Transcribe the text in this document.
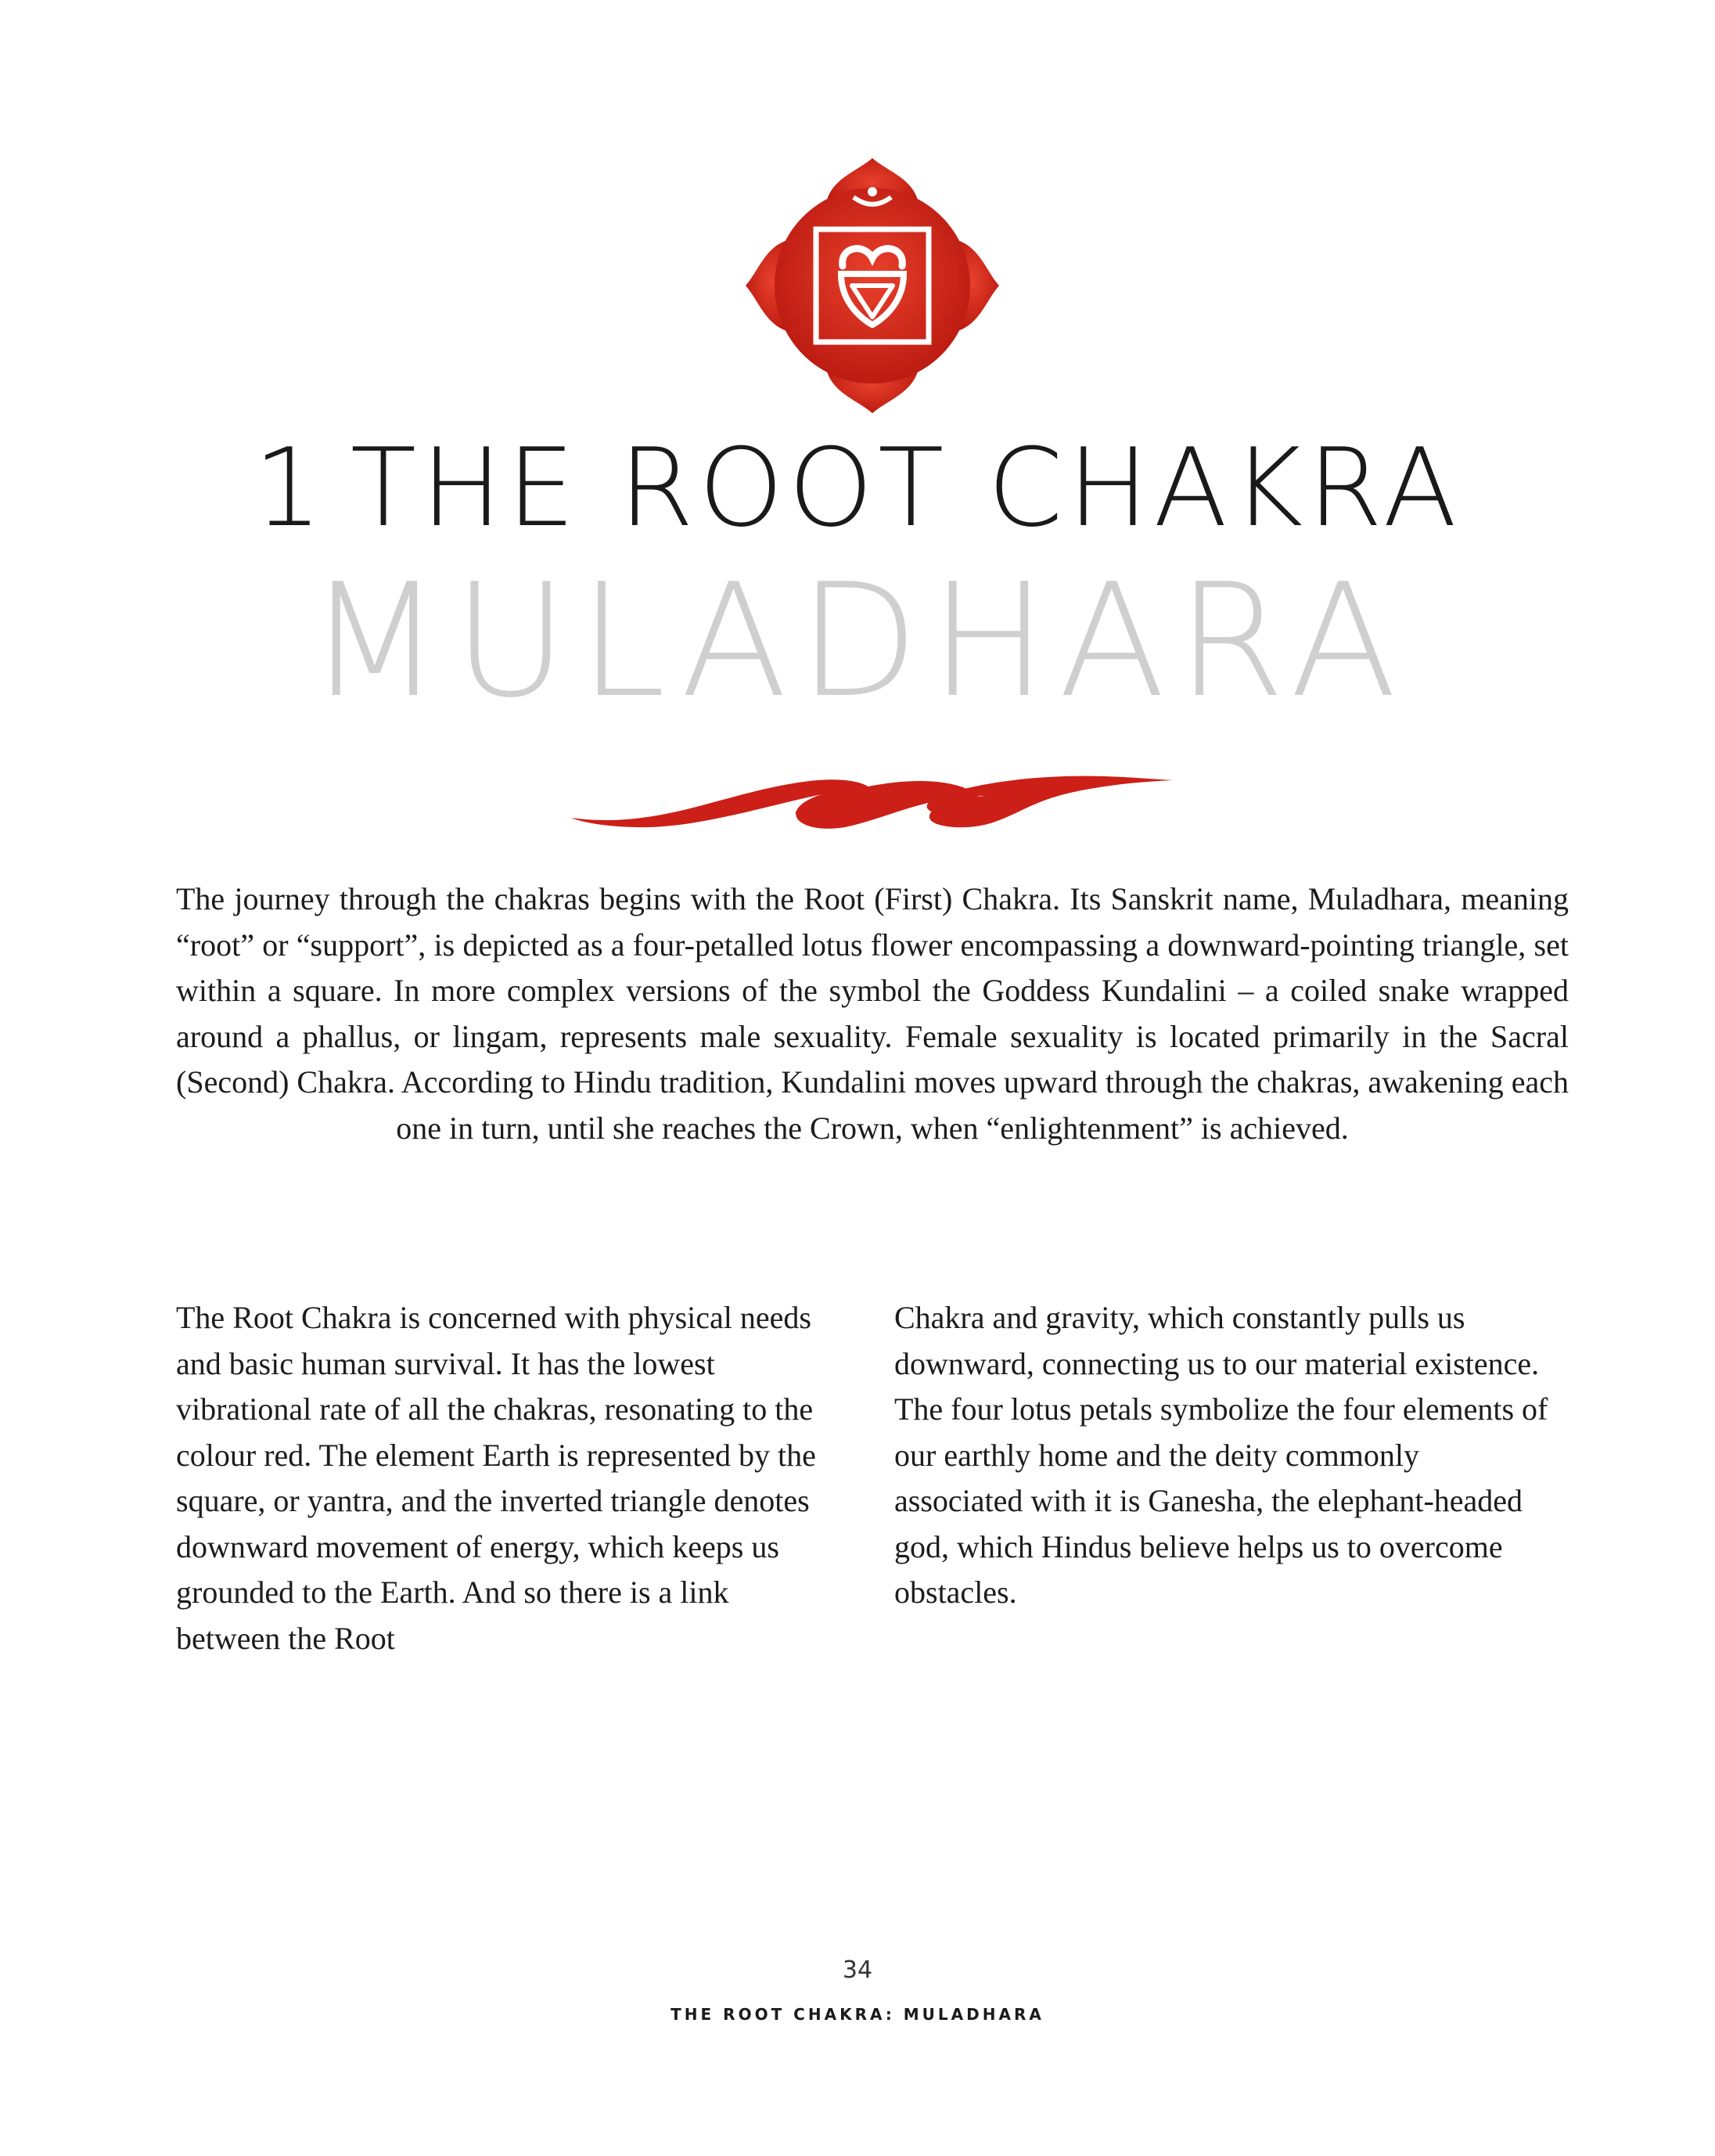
1 THE ROOT CHAKRA
MULADHARA

The journey through the chakras begins with the Root (First) Chakra. Its Sanskrit name, Muladhara, meaning “root” or “support”, is depicted as a four-petalled lotus flower encompassing a downward-pointing triangle, set within a square. In more complex versions of the symbol the Goddess Kundalini – a coiled snake wrapped around a phallus, or lingam, represents male sexuality. Female sexuality is located primarily in the Sacral (Second) Chakra. According to Hindu tradition, Kundalini moves upward through the chakras, awakening each one in turn, until she reaches the Crown, when “enlightenment” is achieved.

The Root Chakra is concerned with physical needs and basic human survival. It has the lowest vibrational rate of all the chakras, resonating to the colour red. The element Earth is represented by the square, or yantra, and the inverted triangle denotes downward movement of energy, which keeps us grounded to the Earth. And so there is a link between the Root

Chakra and gravity, which constantly pulls us downward, connecting us to our material existence. The four lotus petals symbolize the four elements of our earthly home and the deity commonly associated with it is Ganesha, the elephant-headed god, which Hindus believe helps us to overcome obstacles.

34
THE ROOT CHAKRA: MULADHARA
